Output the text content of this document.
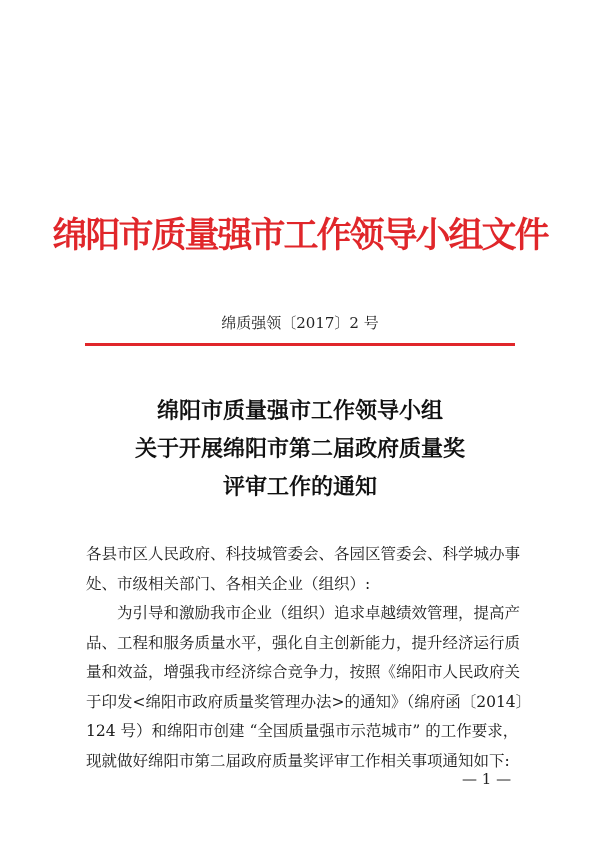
绵阳市质量强市工作领导小组文件
绵质强领〔2017〕2 号
绵阳市质量强市工作领导小组
关于开展绵阳市第二届政府质量奖
评审工作的通知
各县市区人民政府、科技城管委会、各园区管委会、科学城办事
处、市级相关部门、各相关企业（组织）:
为引导和激励我市企业（组织）追求卓越绩效管理，提高产
品、工程和服务质量水平，强化自主创新能力，提升经济运行质
量和效益，增强我市经济综合竞争力，按照《绵阳市人民政府关
于印发<绵阳市政府质量奖管理办法>的通知》（绵府函〔2014〕
124 号）和绵阳市创建 “全国质量强市示范城市” 的工作要求，
现就做好绵阳市第二届政府质量奖评审工作相关事项通知如下:
— 1 —
